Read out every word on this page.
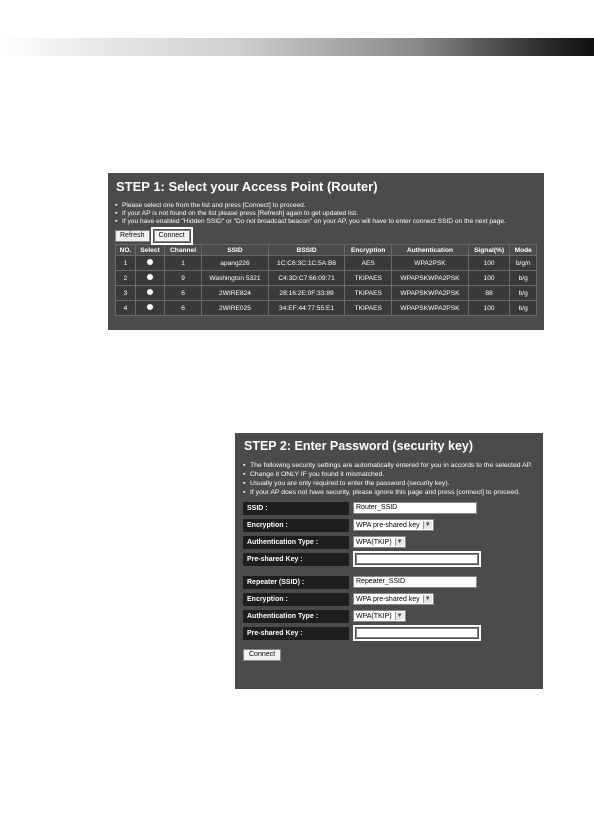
STEP 1: Select your Access Point (Router)
▪ Please select one from the list and press [Connect] to proceed.
▪ If your AP is not found on the list please press [Refresh] again to get updated list.
▪ If you have enabled "Hidden SSID" or "Do not broadcast beacon" on your AP, you will have to enter connect SSID on the next page.
Refresh	Connect
NO.	Select	Channel	SSID	BSSID	Encryption	Authentication	Signal(%)	Mode
1		1	apang226	1C:C6:3C:1C:5A:B6	AES	WPA2PSK	100	b/g/n
2		9	Washington 5321	C4:3D:C7:66:09:71	TKIPAES	WPAPSKWPA2PSK	100	b/g
3		6	2WIRE824	28:16:2E:0F:33:89	TKIPAES	WPAPSKWPA2PSK	88	b/g
4		6	2WIRE025	34:EF:44:77:55:E1	TKIPAES	WPAPSKWPA2PSK	100	b/g
STEP 2: Enter Password (security key)
▪ The following security settings are automatically entered for you in accords to the selected AP.
▪ Change it ONLY IF you found it mismatched.
▪ Usually you are only required to enter the password (security key).
▪ If your AP does not have security, please ignore this page and press [connect] to proceed.
SSID :	Router_SSID
Encryption :	WPA pre-shared key ▼
Authentication Type :	WPA(TKIP) ▼
Pre-shared Key :
Repeater (SSID) :	Repeater_SSID
Encryption :	WPA pre-shared key ▼
Authentication Type :	WPA(TKIP) ▼
Pre-shared Key :
Connect
